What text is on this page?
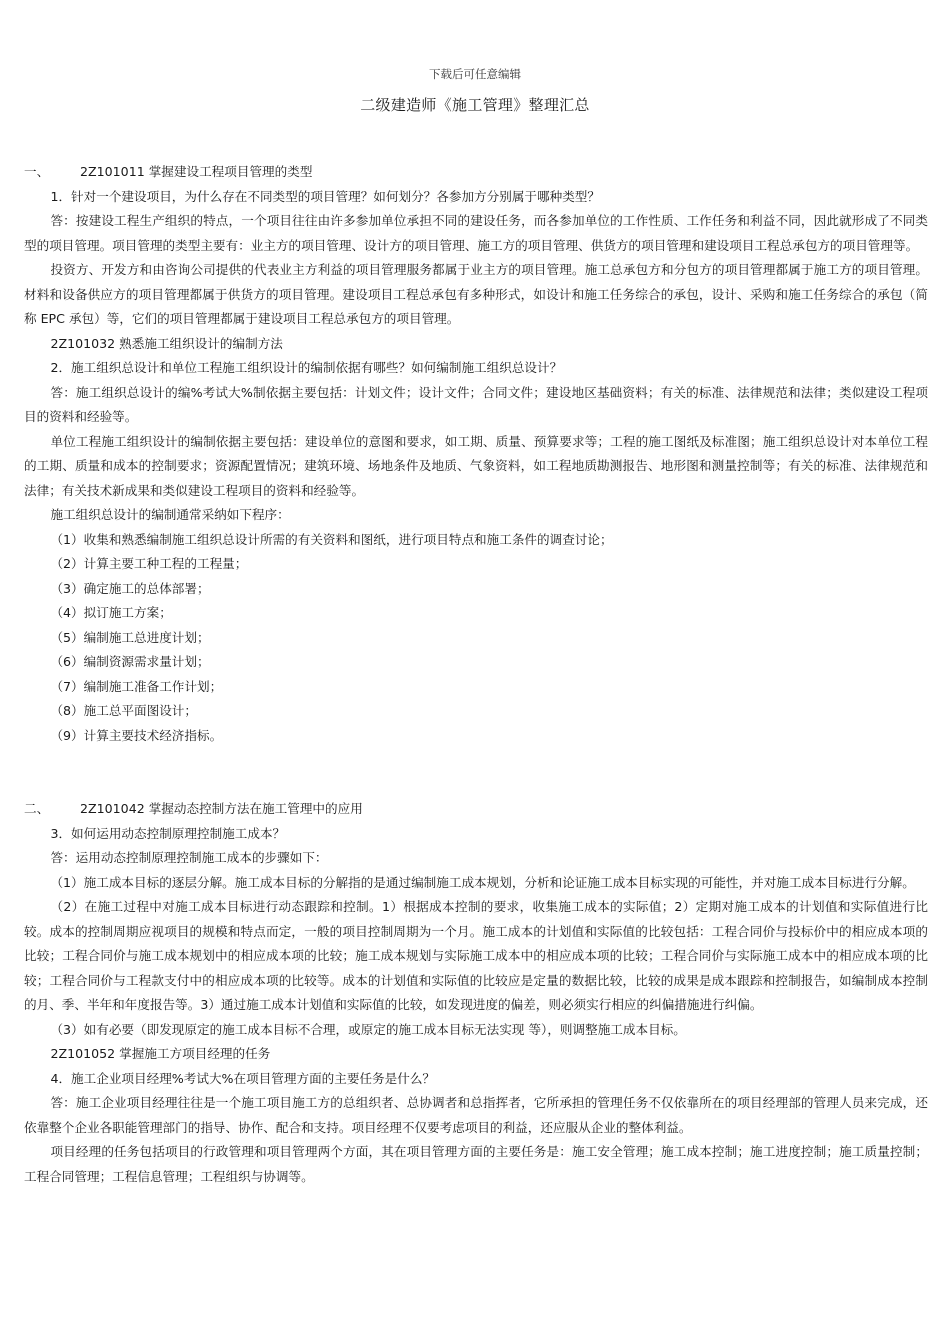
下载后可任意编辑
二级建造师《施工管理》整理汇总

一、	2Z101011 掌握建设工程项目管理的类型

1．针对一个建设项目，为什么存在不同类型的项目管理？如何划分？各参加方分别属于哪种类型？

答：按建设工程生产组织的特点，一个项目往往由许多参加单位承担不同的建设任务，而各参加单位的工作性质、工作任务和利益不同，因此就形成了不同类型的项目管理。项目管理的类型主要有：业主方的项目管理、设计方的项目管理、施工方的项目管理、供货方的项目管理和建设项目工程总承包方的项目管理等。

投资方、开发方和由咨询公司提供的代表业主方利益的项目管理服务都属于业主方的项目管理。施工总承包方和分包方的项目管理都属于施工方的项目管理。材料和设备供应方的项目管理都属于供货方的项目管理。建设项目工程总承包有多种形式，如设计和施工任务综合的承包，设计、采购和施工任务综合的承包（简称 EPC 承包）等，它们的项目管理都属于建设项目工程总承包方的项目管理。

2Z101032 熟悉施工组织设计的编制方法

2．施工组织总设计和单位工程施工组织设计的编制依据有哪些？如何编制施工组织总设计？

答：施工组织总设计的编%考试大%制依据主要包括：计划文件；设计文件；合同文件；建设地区基础资料；有关的标准、法律规范和法律；类似建设工程项目的资料和经验等。

单位工程施工组织设计的编制依据主要包括：建设单位的意图和要求，如工期、质量、预算要求等；工程的施工图纸及标准图；施工组织总设计对本单位工程的工期、质量和成本的控制要求；资源配置情况；建筑环境、场地条件及地质、气象资料，如工程地质勘测报告、地形图和测量控制等；有关的标准、法律规范和法律；有关技术新成果和类似建设工程项目的资料和经验等。

施工组织总设计的编制通常采纳如下程序：

（1）收集和熟悉编制施工组织总设计所需的有关资料和图纸，进行项目特点和施工条件的调查讨论；

（2）计算主要工种工程的工程量；

（3）确定施工的总体部署；

（4）拟订施工方案；

（5）编制施工总进度计划；

（6）编制资源需求量计划；

（7）编制施工准备工作计划；

（8）施工总平面图设计；

（9）计算主要技术经济指标。

二、	2Z101042 掌握动态控制方法在施工管理中的应用

3．如何运用动态控制原理控制施工成本？

答：运用动态控制原理控制施工成本的步骤如下：

（1）施工成本目标的逐层分解。施工成本目标的分解指的是通过编制施工成本规划，分析和论证施工成本目标实现的可能性，并对施工成本目标进行分解。

（2）在施工过程中对施工成本目标进行动态跟踪和控制。1）根据成本控制的要求，收集施工成本的实际值；2）定期对施工成本的计划值和实际值进行比较。成本的控制周期应视项目的规模和特点而定，一般的项目控制周期为一个月。施工成本的计划值和实际值的比较包括：工程合同价与投标价中的相应成本项的比较；工程合同价与施工成本规划中的相应成本项的比较；施工成本规划与实际施工成本中的相应成本项的比较；工程合同价与实际施工成本中的相应成本项的比较；工程合同价与工程款支付中的相应成本项的比较等。成本的计划值和实际值的比较应是定量的数据比较，比较的成果是成本跟踪和控制报告，如编制成本控制的月、季、半年和年度报告等。3）通过施工成本计划值和实际值的比较，如发现进度的偏差，则必须实行相应的纠偏措施进行纠偏。

（3）如有必要（即发现原定的施工成本目标不合理，或原定的施工成本目标无法实现 等），则调整施工成本目标。

2Z101052 掌握施工方项目经理的任务

4．施工企业项目经理%考试大%在项目管理方面的主要任务是什么？

答：施工企业项目经理往往是一个施工项目施工方的总组织者、总协调者和总指挥者，它所承担的管理任务不仅依靠所在的项目经理部的管理人员来完成，还依靠整个企业各职能管理部门的指导、协作、配合和支持。项目经理不仅要考虑项目的利益，还应服从企业的整体利益。

项目经理的任务包括项目的行政管理和项目管理两个方面，其在项目管理方面的主要任务是：施工安全管理；施工成本控制；施工进度控制；施工质量控制；工程合同管理；工程信息管理；工程组织与协调等。
